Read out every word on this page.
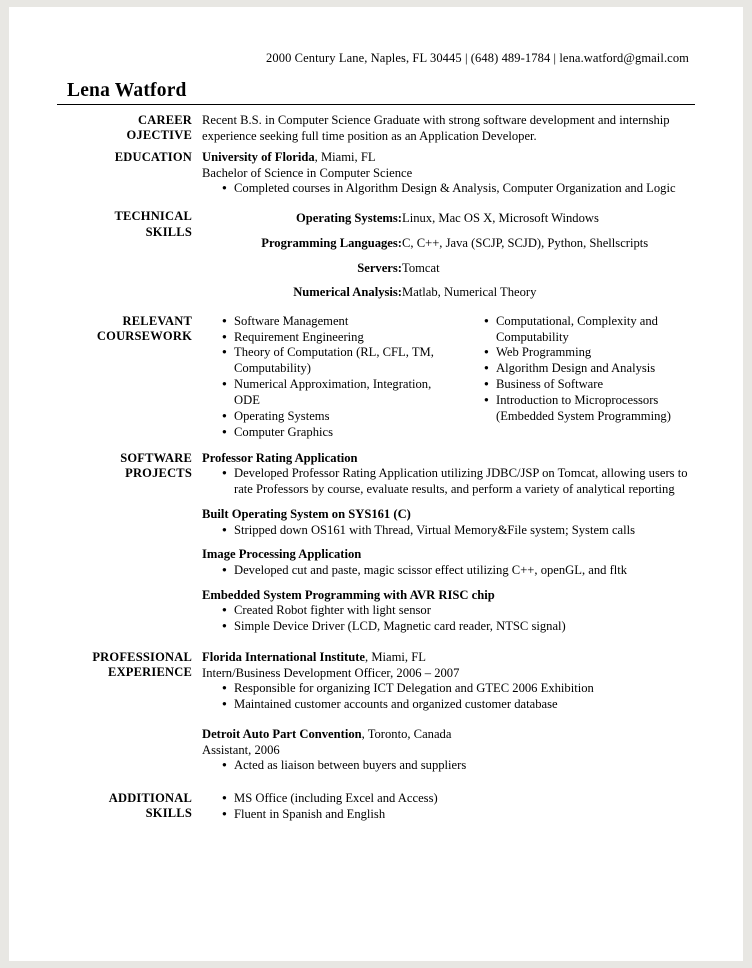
2000 Century Lane, Naples, FL 30445 | (648) 489-1784 | lena.watford@gmail.com
Lena Watford
CAREER
OJECTIVE

Recent B.S. in Computer Science Graduate with strong software development and internship experience seeking full time position as an Application Developer.

EDUCATION University of Florida, Miami, FL

Bachelor of Science in Computer Science

● Completed courses in Algorithm Design & Analysis, Computer Organization and Logic
TECHNICAL
SKILLS
Operating Systems:	Linux, Mac OS X, Microsoft Windows
Programming Languages:	C, C++, Java (SCJP, SCJD), Python, Shellscripts
Servers:	Tomcat
Numerical Analysis:	Matlab, Numerical Theory
RELEVANT
COURSEWORK
● Software Management
● Requirement Engineering
● Theory of Computation (RL, CFL, TM, Computability)
● Numerical Approximation, Integration, ODE
● Operating Systems
● Computer Graphics
● Computational, Complexity and Computability
● Web Programming
● Algorithm Design and Analysis
● Business of Software
● Introduction to Microprocessors (Embedded System Programming)
SOFTWARE
PROJECTS

Professor Rating Application

● Developed Professor Rating Application utilizing JDBC/JSP on Tomcat, allowing users to rate Professors by course, evaluate results, and perform a variety of analytical reporting

Built Operating System on SYS161 (C)

● Stripped down OS161 with Thread, Virtual Memory&File system; System calls

Image Processing Application

● Developed cut and paste, magic scissor effect utilizing C++, openGL, and fltk

Embedded System Programming with AVR RISC chip

● Created Robot fighter with light sensor
● Simple Device Driver (LCD, Magnetic card reader, NTSC signal)
PROFESSIONAL
EXPERIENCE

Florida International Institute, Miami, FL

Intern/Business Development Officer, 2006 – 2007

● Responsible for organizing ICT Delegation and GTEC 2006 Exhibition
● Maintained customer accounts and organized customer database

Detroit Auto Part Convention, Toronto, Canada

Assistant, 2006

● Acted as liaison between buyers and suppliers
ADDITIONAL
SKILLS
● MS Office (including Excel and Access)
● Fluent in Spanish and English
